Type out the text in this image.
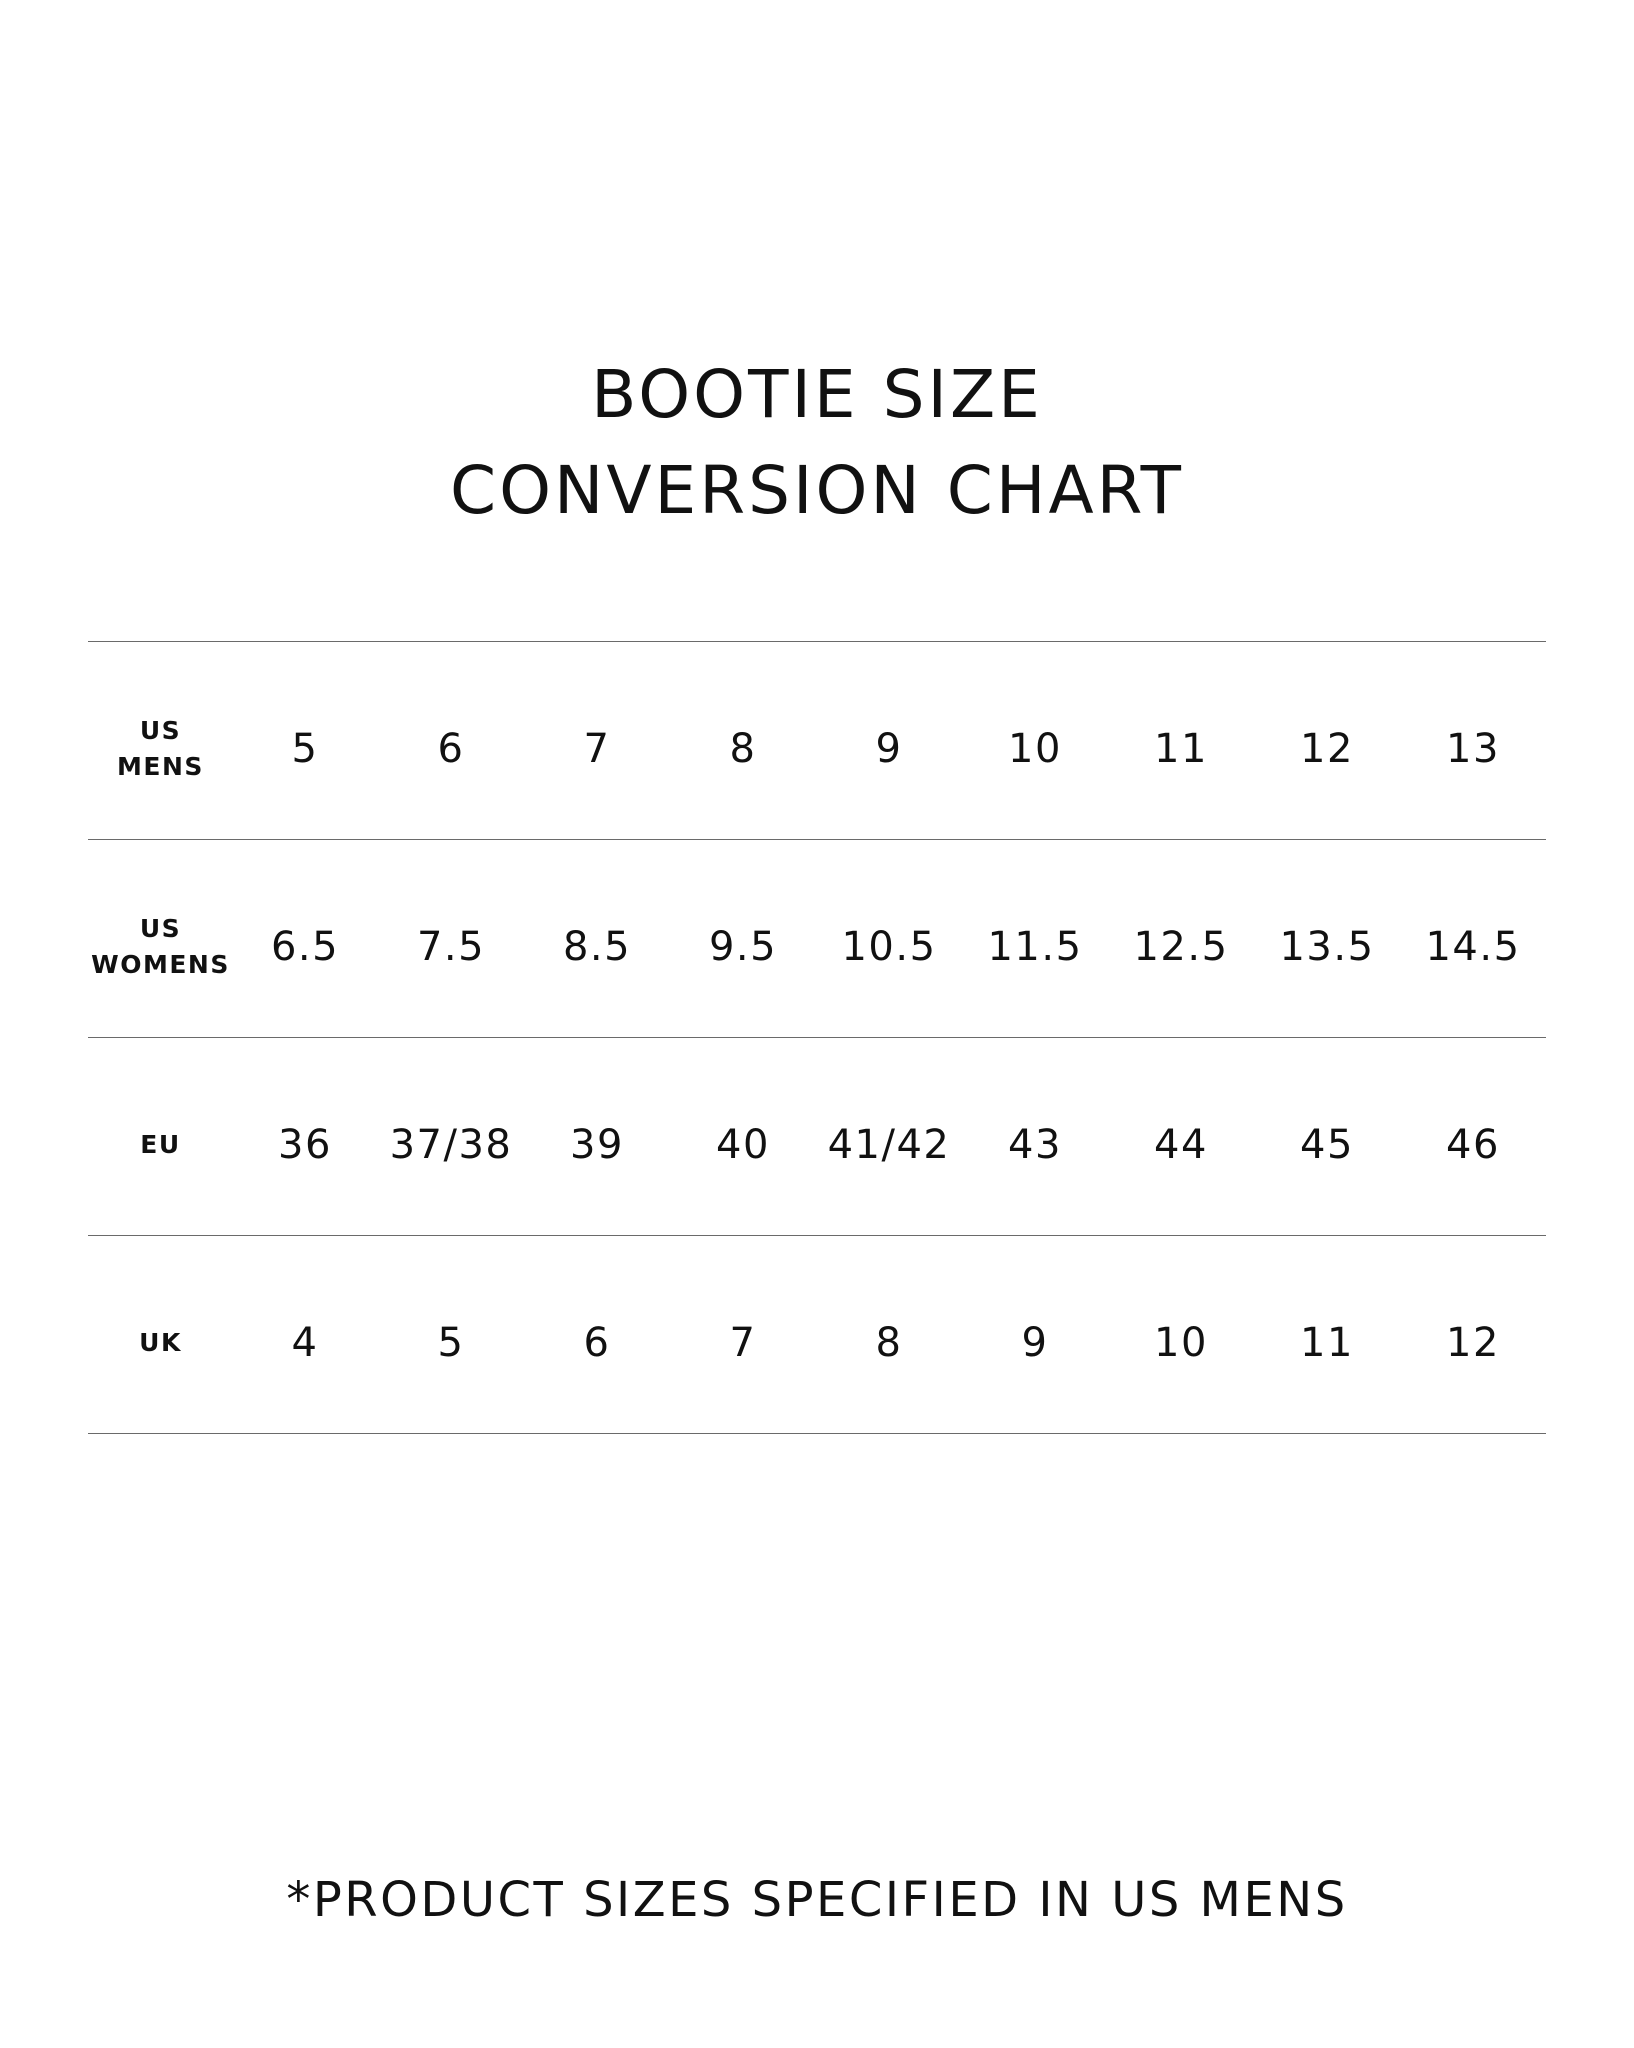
BOOTIE SIZE
CONVERSION CHART
US
MENS	5	6	7	8	9	10	11	12	13
US
WOMENS	6.5	7.5	8.5	9.5	10.5	11.5	12.5	13.5	14.5
EU	36	37/38	39	40	41/42	43	44	45	46
UK	4	5	6	7	8	9	10	11	12

*PRODUCT SIZES SPECIFIED IN US MENS
